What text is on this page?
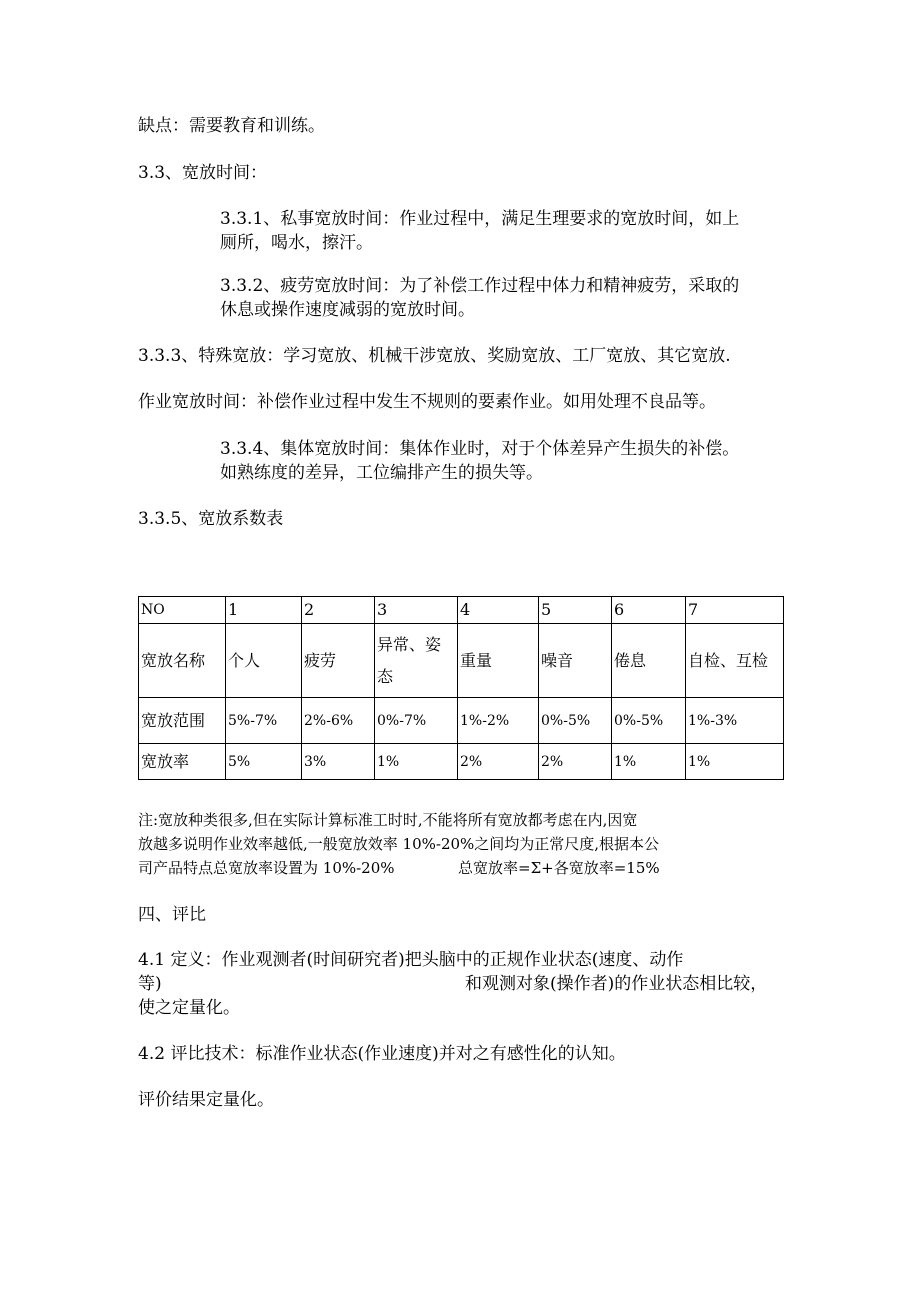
缺点：需要教育和训练。
3.3、宽放时间：
3.3.1、私事宽放时间：作业过程中，满足生理要求的宽放时间，如上
厕所，喝水，擦汗。
3.3.2、疲劳宽放时间：为了补偿工作过程中体力和精神疲劳，采取的
休息或操作速度减弱的宽放时间。
3.3.3、特殊宽放：学习宽放、机械干涉宽放、奖励宽放、工厂宽放、其它宽放.
作业宽放时间：补偿作业过程中发生不规则的要素作业。如用处理不良品等。
3.3.4、集体宽放时间：集体作业时，对于个体差异产生损失的补偿。
如熟练度的差异，工位编排产生的损失等。
3.3.5、宽放系数表
NO	1	2	3	4	5	6	7
宽放名称	个人	疲劳	异常、姿态	重量	噪音	倦息	自检、互检
宽放范围	5%-7%	2%-6%	0%-7%	1%-2%	0%-5%	0%-5%	1%-3%
宽放率	5%	3%	1%	2%	2%	1%	1%
注:宽放种类很多,但在实际计算标准工时时,不能将所有宽放都考虑在内,因宽
放越多说明作业效率越低,一般宽放效率 10%-20%之间均为正常尺度,根据本公
司产品特点总宽放率设置为 10%-20%	总宽放率=Σ+各宽放率=15%
四、评比
4.1 定义：作业观测者(时间研究者)把头脑中的正规作业状态(速度、动作
等)	和观测对象(操作者)的作业状态相比较，
使之定量化。
4.2 评比技术：标准作业状态(作业速度)并对之有感性化的认知。
评价结果定量化。
